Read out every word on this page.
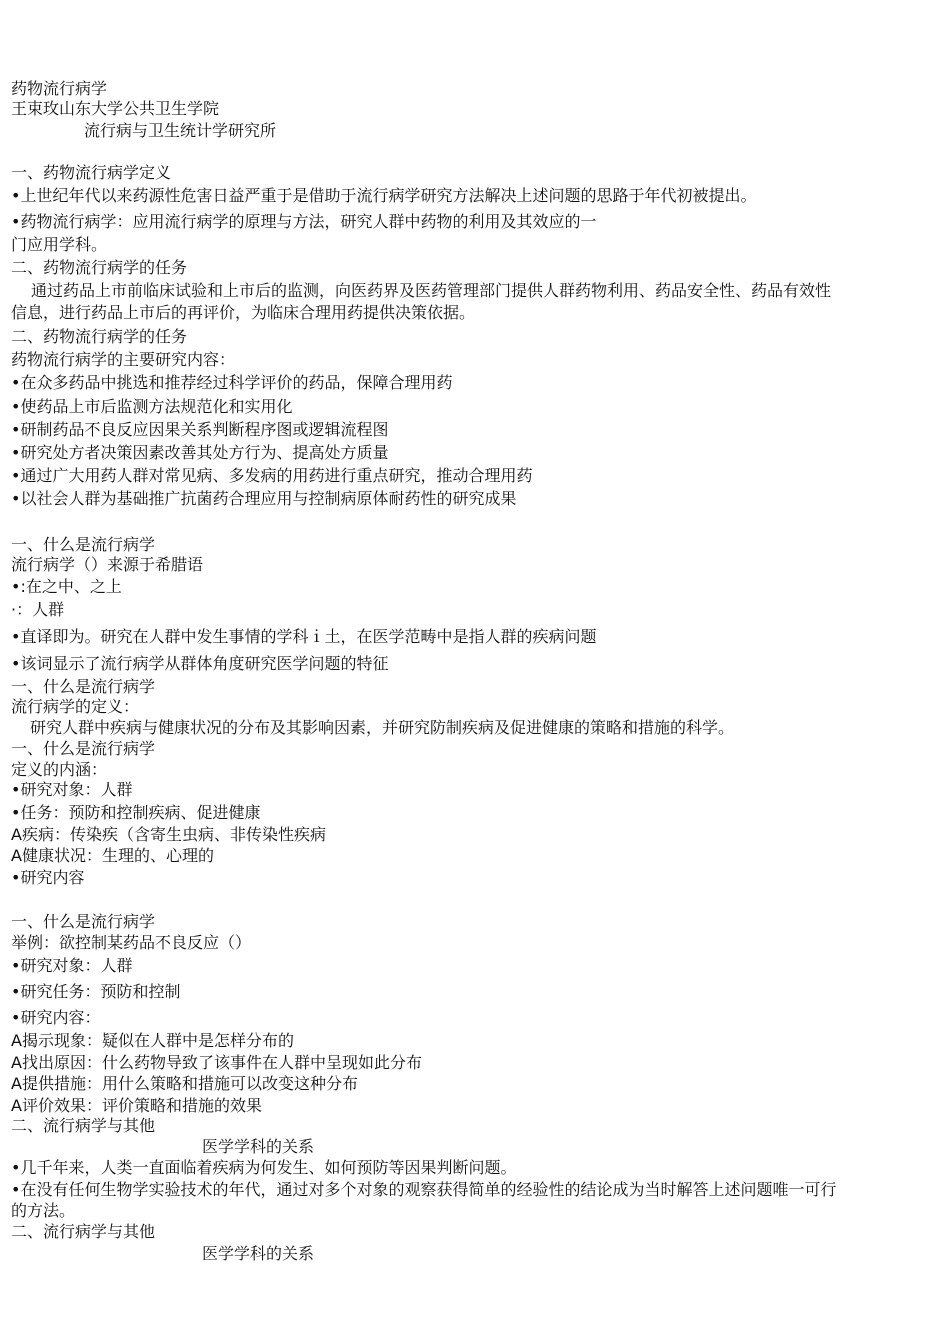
药物流行病学
王束玫山东大学公共卫生学院
流行病与卫生统计学研究所
一、药物流行病学定义
•上世纪年代以来药源性危害日益严重于是借助于流行病学研究方法解决上述问题的思路于年代初被提出。
•药物流行病学：应用流行病学的原理与方法，研究人群中药物的利用及其效应的一
门应用学科。
二、药物流行病学的任务
通过药品上市前临床试验和上市后的监测，向医药界及医药管理部门提供人群药物利用、药品安全性、药品有效性
信息，进行药品上市后的再评价，为临床合理用药提供决策依据。
二、药物流行病学的任务
药物流行病学的主要研究内容：
•在众多药品中挑选和推荐经过科学评价的药品，保障合理用药
•使药品上市后监测方法规范化和实用化
•研制药品不良反应因果关系判断程序图或逻辑流程图
•研究处方者决策因素改善其处方行为、提高处方质量
•通过广大用药人群对常见病、多发病的用药进行重点研究，推动合理用药
•以社会人群为基础推广抗菌药合理应用与控制病原体耐药性的研究成果
一、什么是流行病学
流行病学（）来源于希腊语
•:在之中、之上
·：人群
•直译即为。研究在人群中发生事情的学科ｉ土，在医学范畴中是指人群的疾病问题
•该词显示了流行病学从群体角度研究医学问题的特征
一、什么是流行病学
流行病学的定义：
研究人群中疾病与健康状况的分布及其影响因素，并研究防制疾病及促进健康的策略和措施的科学。
一、什么是流行病学
定义的内涵：
•研究对象：人群
•任务：预防和控制疾病、促进健康
A疾病：传染疾（含寄生虫病、非传染性疾病
A健康状况：生理的、心理的
•研究内容
一、什么是流行病学
举例：欲控制某药品不良反应（）
•研究对象：人群
•研究任务：预防和控制
•研究内容：
A揭示现象：疑似在人群中是怎样分布的
A找出原因：什么药物导致了该事件在人群中呈现如此分布
A提供措施：用什么策略和措施可以改变这种分布
A评价效果：评价策略和措施的效果
二、流行病学与其他
医学学科的关系
•几千年来，人类一直面临着疾病为何发生、如何预防等因果判断问题。
•在没有任何生物学实验技术的年代，通过对多个对象的观察获得简单的经验性的结论成为当时解答上述问题唯一可行
的方法。
二、流行病学与其他
医学学科的关系
